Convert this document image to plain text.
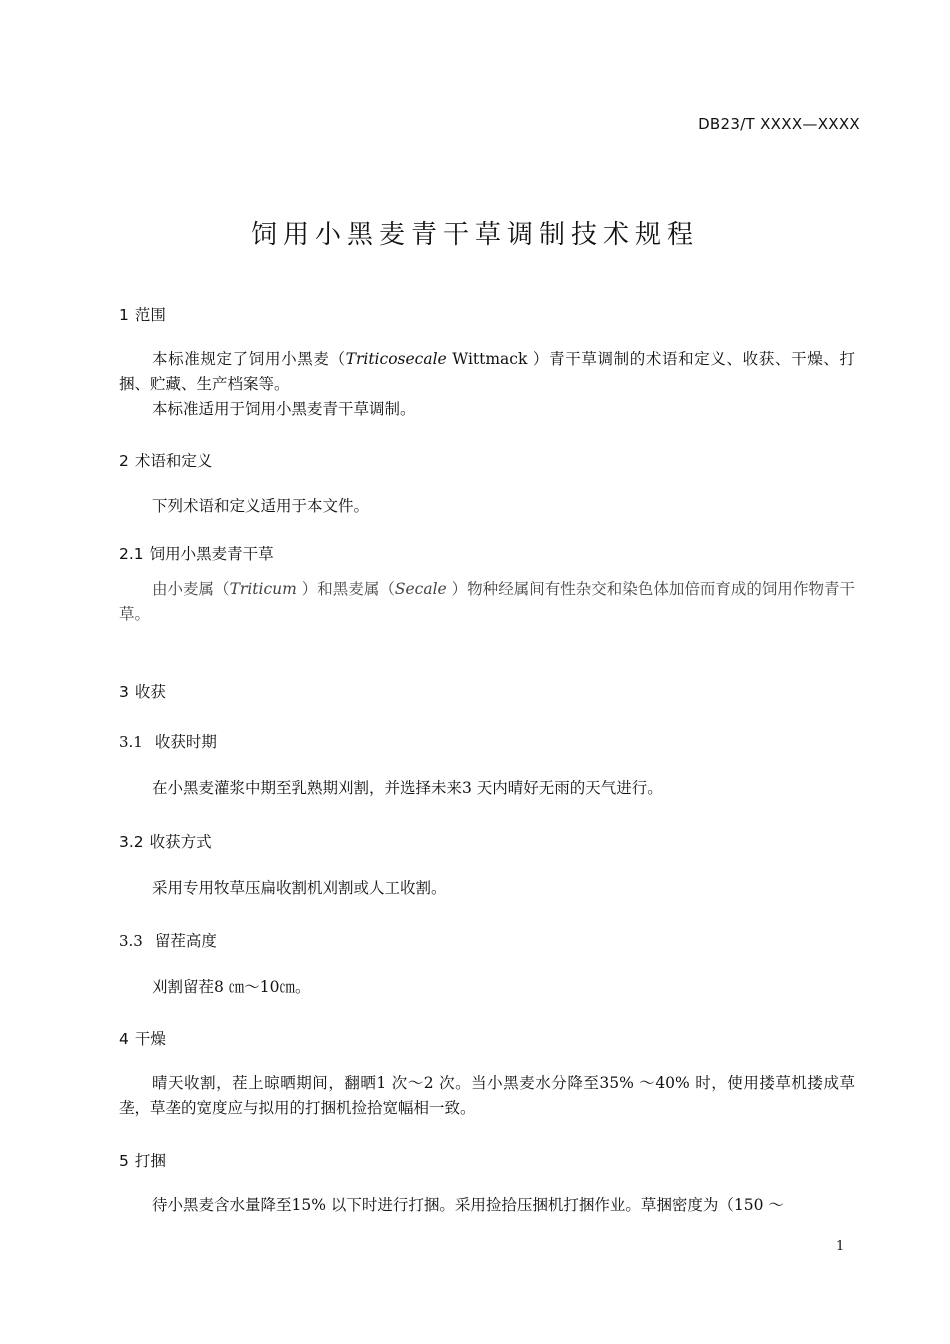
DB23/T XXXX—XXXX
饲用小黑麦青干草调制技术规程
1 范围
本标准规定了饲用小黑麦（Triticosecale Wittmack ）青干草调制的术语和定义、收获、干燥、打捆、贮藏、生产档案等。
本标准适用于饲用小黑麦青干草调制。
2 术语和定义
下列术语和定义适用于本文件。
2.1 饲用小黑麦青干草
由小麦属（Triticum ）和黑麦属（Secale ）物种经属间有性杂交和染色体加倍而育成的饲用作物青干草。
3 收获
3.1 收获时期
在小黑麦灌浆中期至乳熟期刈割，并选择未来3 天内晴好无雨的天气进行。
3.2 收获方式
采用专用牧草压扁收割机刈割或人工收割。
3.3 留茬高度
刈割留茬8 ㎝～10㎝。
4 干燥
晴天收割，茬上晾晒期间，翻晒1 次～2 次。当小黑麦水分降至35% ～40% 时，使用搂草机搂成草垄，草垄的宽度应与拟用的打捆机捡拾宽幅相一致。
5 打捆
待小黑麦含水量降至15% 以下时进行打捆。采用捡拾压捆机打捆作业。草捆密度为（150 ～
1
